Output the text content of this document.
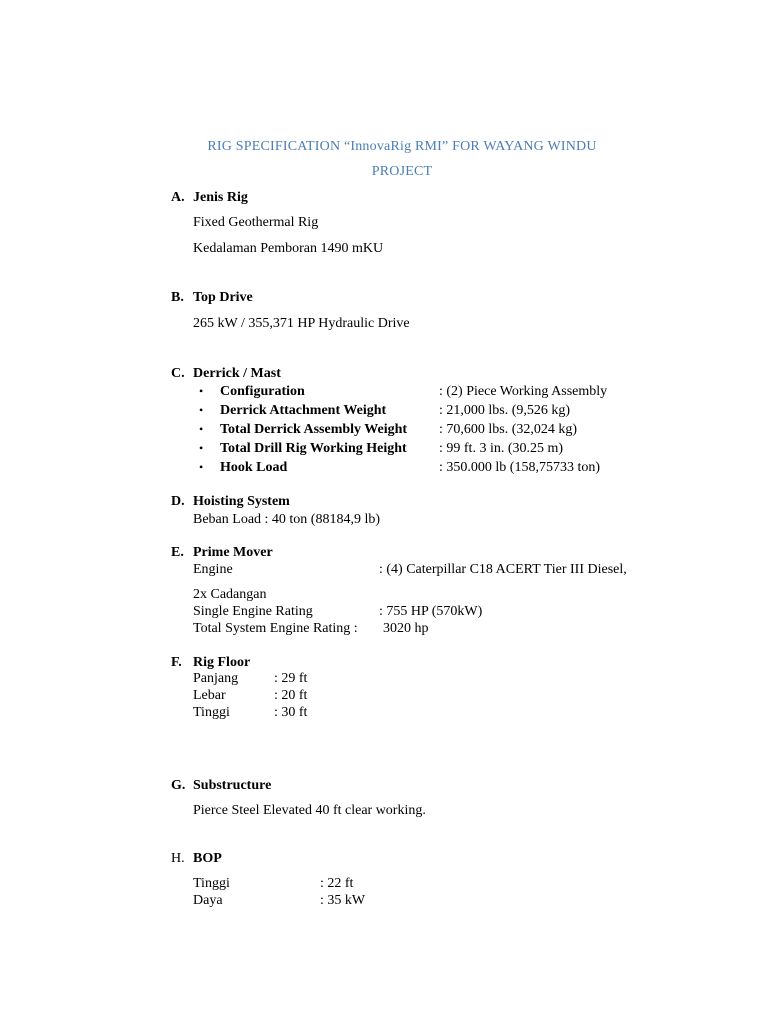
RIG SPECIFICATION “InnovaRig RMI” FOR WAYANG WINDU
PROJECT
A. Jenis Rig
Fixed Geothermal Rig
Kedalaman Pemboran 1490 mKU
B. Top Drive
265 kW / 355,371 HP Hydraulic Drive
C. Derrick / Mast
• Configuration	: (2) Piece Working Assembly
• Derrick Attachment Weight	: 21,000 lbs. (9,526 kg)
• Total Derrick Assembly Weight : 70,600 lbs. (32,024 kg)
• Total Drill Rig Working Height : 99 ft. 3 in. (30.25 m)
• Hook Load	: 350.000 lb (158,75733 ton)
D. Hoisting System
Beban Load : 40 ton (88184,9 lb)
E. Prime Mover
Engine	: (4) Caterpillar C18 ACERT Tier III Diesel,
2x Cadangan
Single Engine Rating	: 755 HP (570kW)
Total System Engine Rating : 3020 hp
F. Rig Floor
Panjang	: 29 ft
Lebar	: 20 ft
Tinggi	: 30 ft
G. Substructure
Pierce Steel Elevated 40 ft clear working.
H. BOP
Tinggi	: 22 ft
Daya	: 35 kW
